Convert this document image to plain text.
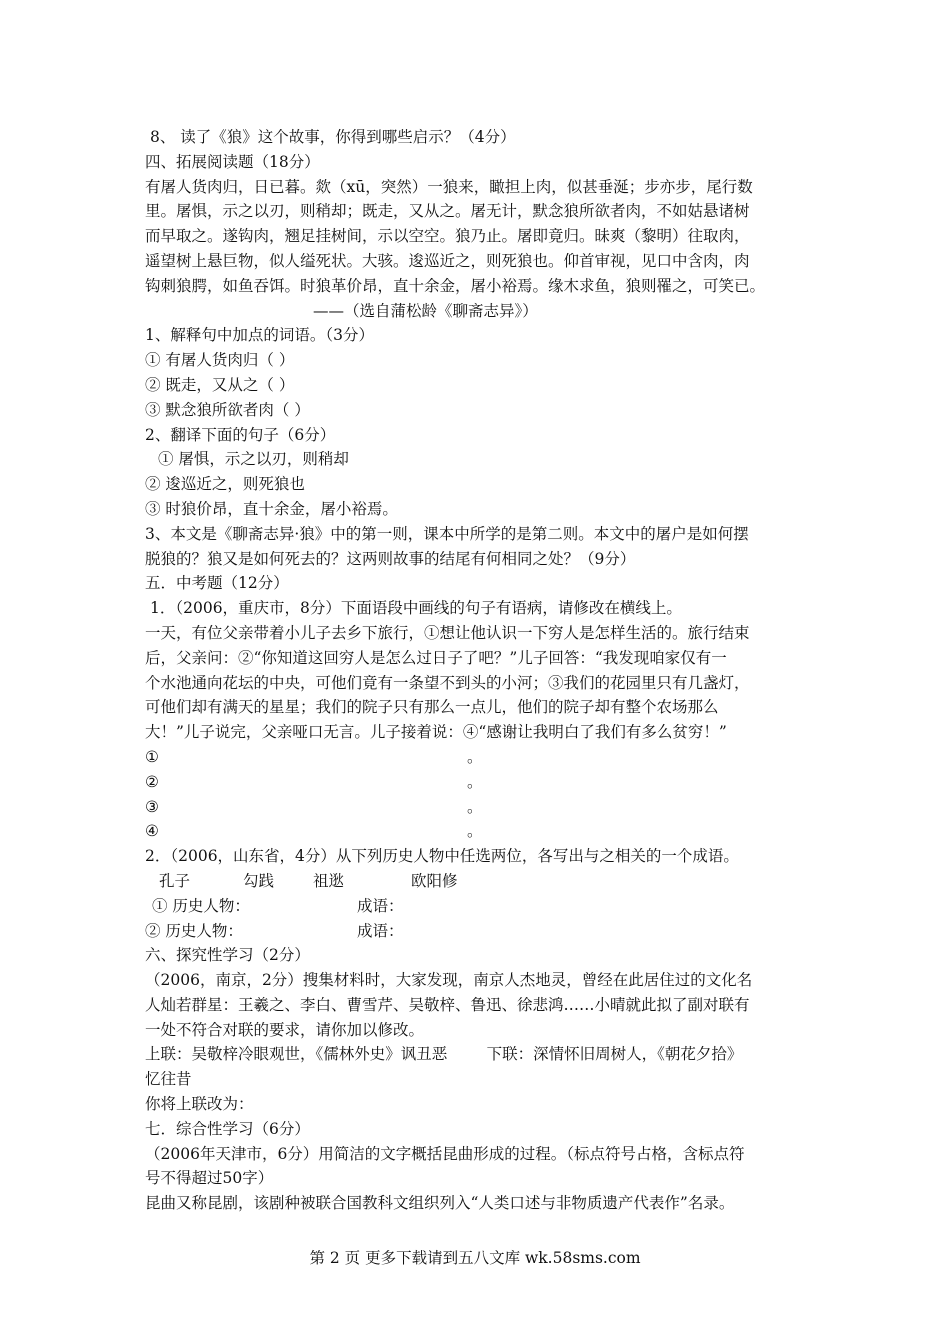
8、 读了《狼》这个故事，你得到哪些启示？（4分）
四、拓展阅读题（18分）
有屠人货肉归，日已暮。欻（xū，突然）一狼来，瞰担上肉，似甚垂涎；步亦步，尾行数
里。屠惧，示之以刃，则稍却；既走，又从之。屠无计，默念狼所欲者肉，不如姑悬诸树
而早取之。遂钩肉，翘足挂树间，示以空空。狼乃止。屠即竟归。昧爽（黎明）往取肉，
遥望树上悬巨物，似人缢死状。大骇。逡巡近之，则死狼也。仰首审视，见口中含肉，肉
钩刺狼腭，如鱼吞饵。时狼革价昂，直十余金，屠小裕焉。缘木求鱼，狼则罹之，可笑已。
——（选自蒲松龄《聊斋志异》）
1、解释句中加点的词语。（3分）
① 有屠人货肉归（ ）
② 既走，又从之（ ）
③ 默念狼所欲者肉（ ）
2、翻译下面的句子（6分）
① 屠惧，示之以刃，则稍却
② 逡巡近之，则死狼也
③ 时狼价昂，直十余金，屠小裕焉。
3、本文是《聊斋志异·狼》中的第一则，课本中所学的是第二则。本文中的屠户是如何摆
脱狼的？狼又是如何死去的？这两则故事的结尾有何相同之处？（9分）
五．中考题（12分）
1．（2006，重庆市，8分）下面语段中画线的句子有语病，请修改在横线上。
一天，有位父亲带着小儿子去乡下旅行，①想让他认识一下穷人是怎样生活的。旅行结束
后，父亲问：②“你知道这回穷人是怎么过日子了吧？”儿子回答：“我发现咱家仅有一
个水池通向花坛的中央，可他们竟有一条望不到头的小河；③我们的花园里只有几盏灯，
可他们却有满天的星星；我们的院子只有那么一点儿，他们的院子却有整个农场那么
大！”儿子说完，父亲哑口无言。儿子接着说：④“感谢让我明白了我们有多么贫穷！”
①	。
②	。
③	。
④	。
2．（2006，山东省，4分）从下列历史人物中任选两位，各写出与之相关的一个成语。
孔子	勾践	祖逖	欧阳修
① 历史人物：	成语：
② 历史人物：	成语：
六、探究性学习（2分）
（2006，南京，2分）搜集材料时，大家发现，南京人杰地灵，曾经在此居住过的文化名
人灿若群星：王羲之、李白、曹雪芹、吴敬梓、鲁迅、徐悲鸿……小晴就此拟了副对联有
一处不符合对联的要求，请你加以修改。
上联：吴敬梓冷眼观世，《儒林外史》讽丑恶        下联：深情怀旧周树人，《朝花夕拾》
忆往昔
你将上联改为：
七．综合性学习（6分）
（2006年天津市，6分）用简洁的文字概括昆曲形成的过程。（标点符号占格，含标点符
号不得超过50字）
昆曲又称昆剧，该剧种被联合国教科文组织列入“人类口述与非物质遗产代表作”名录。
第 2 页 更多下载请到五八文库 wk.58sms.com
